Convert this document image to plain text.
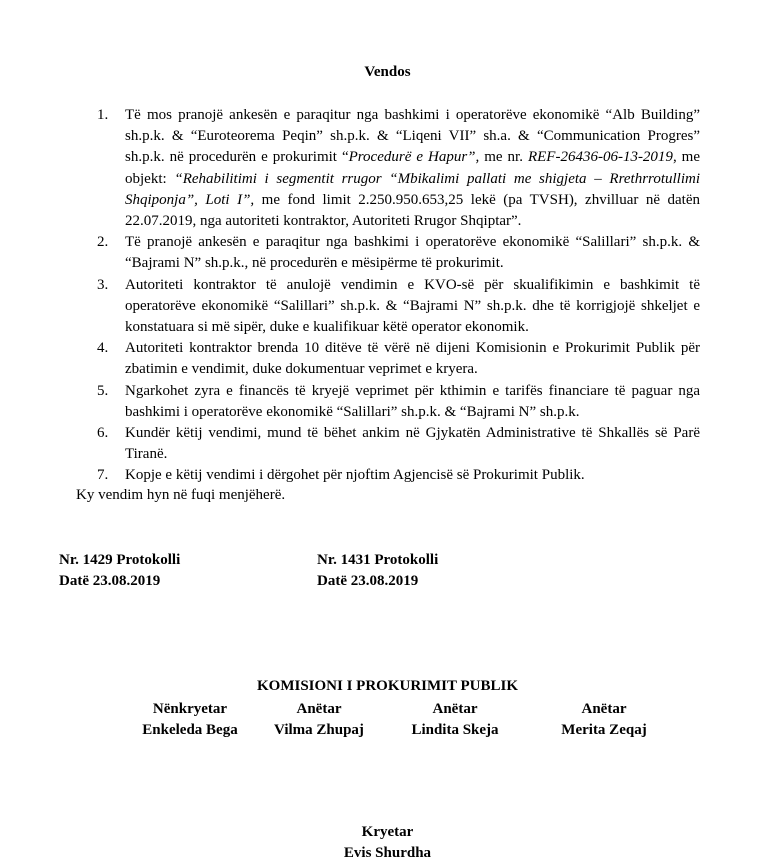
Vendos
1. Të mos pranojë ankesën e paraqitur nga bashkimi i operatorëve ekonomikë “Alb Building” sh.p.k. & “Euroteorema Peqin” sh.p.k. & “Liqeni VII” sh.a. & “Communication Progres” sh.p.k. në procedurën e prokurimit “Procedurë e Hapur”, me nr. REF-26436-06-13-2019, me objekt: “Rehabilitimi i segmentit rrugor “Mbikalimi pallati me shigjeta – Rrethrrotullimi Shqiponja”, Loti I”, me fond limit 2.250.950.653,25 lekë (pa TVSH), zhvilluar në datën 22.07.2019, nga autoriteti kontraktor, Autoriteti Rrugor Shqiptar”.
2. Të pranojë ankesën e paraqitur nga bashkimi i operatorëve ekonomikë “Salillari” sh.p.k. & “Bajrami N” sh.p.k., në procedurën e mësipërme të prokurimit.
3. Autoriteti kontraktor të anulojë vendimin e KVO-së për skualifikimin e bashkimit të operatorëve ekonomikë “Salillari” sh.p.k. & “Bajrami N” sh.p.k. dhe të korrigjojë shkeljet e konstatuara si më sipër, duke e kualifikuar këtë operator ekonomik.
4. Autoriteti kontraktor brenda 10 ditëve të vërë në dijeni Komisionin e Prokurimit Publik për zbatimin e vendimit, duke dokumentuar veprimet e kryera.
5. Ngarkohet zyra e financës të kryejë veprimet për kthimin e tarifës financiare të paguar nga bashkimi i operatorëve ekonomikë “Salillari” sh.p.k. & “Bajrami N” sh.p.k.
6. Kundër këtij vendimi, mund të bëhet ankim në Gjykatën Administrative të Shkallës së Parë Tiranë.
7. Kopje e këtij vendimi i dërgohet për njoftim Agjencisë së Prokurimit Publik.
Ky vendim hyn në fuqi menjëherë.
Nr. 1429 Protokolli
Datë 23.08.2019
Nr. 1431 Protokolli
Datë 23.08.2019
KOMISIONI I PROKURIMIT PUBLIK
Nënkryetar
Enkeleda Bega
Anëtar
Vilma Zhupaj
Anëtar
Lindita Skeja
Anëtar
Merita Zeqaj
Kryetar
Evis Shurdha
